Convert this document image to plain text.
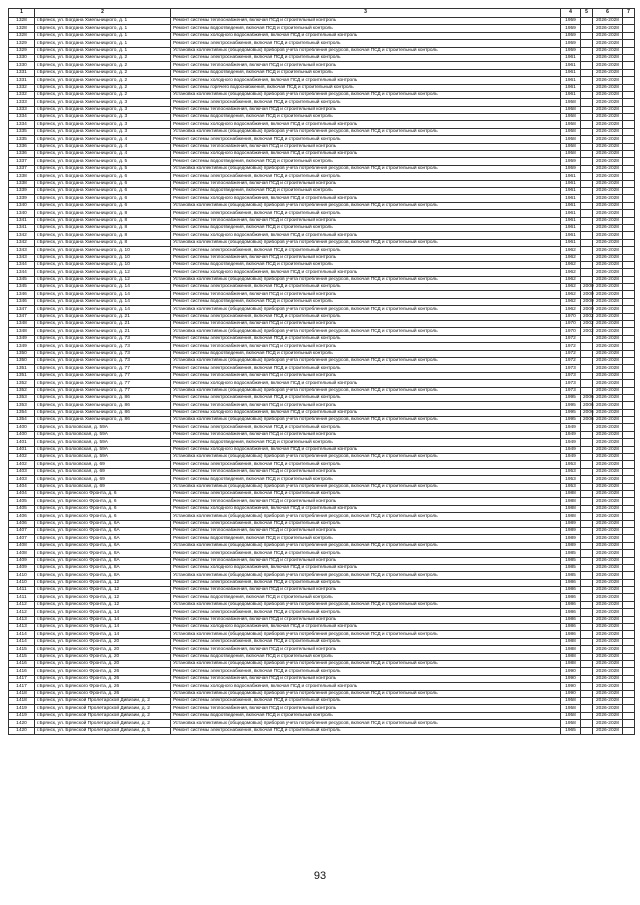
1	2	3	4	5	6	7
1328	г.Брянск, ул. Богдана Хмельницкого, д. 1	Ремонт системы теплоснабжения, включая ПСД и строительный контроль	1959		2026-2028	
1328	г.Брянск, ул. Богдана Хмельницкого, д. 1	Ремонт системы водоотведения, включая ПСД и строительный контроль	1959		2026-2028	
1328	г.Брянск, ул. Богдана Хмельницкого, д. 1	Ремонт системы холодного водоснабжения, включая ПСД и строительный контроль	1959		2026-2028	
1329	г.Брянск, ул. Богдана Хмельницкого, д. 1	Ремонт системы электроснабжения, включая ПСД и строительный контроль	1959		2026-2028	
1329	г.Брянск, ул. Богдана Хмельницкого, д. 1	Установка коллективных (общедомовых) приборов учета потребления ресурсов, включая ПСД и строительный контроль	1959		2026-2028	
1330	г.Брянск, ул. Богдана Хмельницкого, д. 2	Ремонт системы электроснабжения, включая ПСД и строительный контроль	1961		2026-2028	
1330	г.Брянск, ул. Богдана Хмельницкого, д. 2	Ремонт системы теплоснабжения, включая ПСД и строительный контроль	1961		2026-2028	
1331	г.Брянск, ул. Богдана Хмельницкого, д. 2	Ремонт системы водоотведения, включая ПСД и строительный контроль	1961		2026-2028	
1331	г.Брянск, ул. Богдана Хмельницкого, д. 2	Ремонт системы холодного водоснабжения, включая ПСД и строительный контроль	1961		2026-2028	
1332	г.Брянск, ул. Богдана Хмельницкого, д. 2	Ремонт системы горячего водоснабжения, включая ПСД и строительный контроль	1961		2026-2028	
1332	г.Брянск, ул. Богдана Хмельницкого, д. 2	Установка коллективных (общедомовых) приборов учета потребления ресурсов, включая ПСД и строительный контроль	1961		2026-2028	
1333	г.Брянск, ул. Богдана Хмельницкого, д. 3	Ремонт системы электроснабжения, включая ПСД и строительный контроль	1958		2026-2028	
1333	г.Брянск, ул. Богдана Хмельницкого, д. 3	Ремонт системы теплоснабжения, включая ПСД и строительный контроль	1958		2026-2028	
1334	г.Брянск, ул. Богдана Хмельницкого, д. 3	Ремонт системы водоотведения, включая ПСД и строительный контроль	1958		2026-2028	
1334	г.Брянск, ул. Богдана Хмельницкого, д. 3	Ремонт системы холодного водоснабжения, включая ПСД и строительный контроль	1958		2026-2028	
1335	г.Брянск, ул. Богдана Хмельницкого, д. 3	Установка коллективных (общедомовых) приборов учета потребления ресурсов, включая ПСД и строительный контроль	1958		2026-2028	
1335	г.Брянск, ул. Богдана Хмельницкого, д. 4	Ремонт системы электроснабжения, включая ПСД и строительный контроль	1958		2026-2028	
1336	г.Брянск, ул. Богдана Хмельницкого, д. 4	Ремонт системы теплоснабжения, включая ПСД и строительный контроль	1958		2026-2028	
1336	г.Брянск, ул. Богдана Хмельницкого, д. 4	Ремонт системы холодного водоснабжения, включая ПСД и строительный контроль	1958		2026-2028	
1337	г.Брянск, ул. Богдана Хмельницкого, д. 5	Ремонт системы водоотведения, включая ПСД и строительный контроль	1959		2026-2028	
1337	г.Брянск, ул. Богдана Хмельницкого, д. 5	Установка коллективных (общедомовых) приборов учета потребления ресурсов, включая ПСД и строительный контроль	1959		2026-2028	
1338	г.Брянск, ул. Богдана Хмельницкого, д. 6	Ремонт системы электроснабжения, включая ПСД и строительный контроль	1961		2026-2028	
1338	г.Брянск, ул. Богдана Хмельницкого, д. 6	Ремонт системы теплоснабжения, включая ПСД и строительный контроль	1961		2026-2028	
1339	г.Брянск, ул. Богдана Хмельницкого, д. 6	Ремонт системы водоотведения, включая ПСД и строительный контроль	1961		2026-2028	
1339	г.Брянск, ул. Богдана Хмельницкого, д. 6	Ремонт системы холодного водоснабжения, включая ПСД и строительный контроль	1961		2026-2028	
1340	г.Брянск, ул. Богдана Хмельницкого, д. 6	Установка коллективных (общедомовых) приборов учета потребления ресурсов, включая ПСД и строительный контроль	1961		2026-2028	
1340	г.Брянск, ул. Богдана Хмельницкого, д. 8	Ремонт системы электроснабжения, включая ПСД и строительный контроль	1961		2026-2028	
1341	г.Брянск, ул. Богдана Хмельницкого, д. 8	Ремонт системы теплоснабжения, включая ПСД и строительный контроль	1961		2026-2028	
1341	г.Брянск, ул. Богдана Хмельницкого, д. 8	Ремонт системы водоотведения, включая ПСД и строительный контроль	1961		2026-2028	
1342	г.Брянск, ул. Богдана Хмельницкого, д. 8	Ремонт системы холодного водоснабжения, включая ПСД и строительный контроль	1961		2026-2028	
1342	г.Брянск, ул. Богдана Хмельницкого, д. 8	Установка коллективных (общедомовых) приборов учета потребления ресурсов, включая ПСД и строительный контроль	1961		2026-2028	
1343	г.Брянск, ул. Богдана Хмельницкого, д. 10	Ремонт системы электроснабжения, включая ПСД и строительный контроль	1962		2026-2028	
1343	г.Брянск, ул. Богдана Хмельницкого, д. 10	Ремонт системы теплоснабжения, включая ПСД и строительный контроль	1962		2026-2028	
1344	г.Брянск, ул. Богдана Хмельницкого, д. 10	Ремонт системы водоотведения, включая ПСД и строительный контроль	1962		2026-2028	
1344	г.Брянск, ул. Богдана Хмельницкого, д. 12	Ремонт системы холодного водоснабжения, включая ПСД и строительный контроль	1962		2026-2028	
1345	г.Брянск, ул. Богдана Хмельницкого, д. 12	Установка коллективных (общедомовых) приборов учета потребления ресурсов, включая ПСД и строительный контроль	1962		2026-2028	
1345	г.Брянск, ул. Богдана Хмельницкого, д. 14	Ремонт системы электроснабжения, включая ПСД и строительный контроль	1962	2000	2026-2028	
1346	г.Брянск, ул. Богдана Хмельницкого, д. 14	Ремонт системы теплоснабжения, включая ПСД и строительный контроль	1962	2000	2026-2028	
1346	г.Брянск, ул. Богдана Хмельницкого, д. 14	Ремонт системы водоотведения, включая ПСД и строительный контроль	1962	2000	2026-2028	
1347	г.Брянск, ул. Богдана Хмельницкого, д. 14	Установка коллективных (общедомовых) приборов учета потребления ресурсов, включая ПСД и строительный контроль	1962	2000	2026-2028	
1347	г.Брянск, ул. Богдана Хмельницкого, д. 21	Ремонт системы электроснабжения, включая ПСД и строительный контроль	1970	2002	2026-2028	
1348	г.Брянск, ул. Богдана Хмельницкого, д. 21	Ремонт системы теплоснабжения, включая ПСД и строительный контроль	1970	2002	2026-2028	
1348	г.Брянск, ул. Богдана Хмельницкого, д. 21	Установка коллективных (общедомовых) приборов учета потребления ресурсов, включая ПСД и строительный контроль	1970	2002	2026-2028	
1349	г.Брянск, ул. Богдана Хмельницкого, д. 73	Ремонт системы электроснабжения, включая ПСД и строительный контроль	1972		2026-2028	
1349	г.Брянск, ул. Богдана Хмельницкого, д. 73	Ремонт системы теплоснабжения, включая ПСД и строительный контроль	1972		2026-2028	
1350	г.Брянск, ул. Богдана Хмельницкого, д. 73	Ремонт системы водоотведения, включая ПСД и строительный контроль	1972		2026-2028	
1350	г.Брянск, ул. Богдана Хмельницкого, д. 73	Установка коллективных (общедомовых) приборов учета потребления ресурсов, включая ПСД и строительный контроль	1972		2026-2028	
1351	г.Брянск, ул. Богдана Хмельницкого, д. 77	Ремонт системы электроснабжения, включая ПСД и строительный контроль	1973		2026-2028	
1351	г.Брянск, ул. Богдана Хмельницкого, д. 77	Ремонт системы теплоснабжения, включая ПСД и строительный контроль	1973		2026-2028	
1352	г.Брянск, ул. Богдана Хмельницкого, д. 77	Ремонт системы холодного водоснабжения, включая ПСД и строительный контроль	1973		2026-2028	
1352	г.Брянск, ул. Богдана Хмельницкого, д. 77	Установка коллективных (общедомовых) приборов учета потребления ресурсов, включая ПСД и строительный контроль	1973		2026-2028	
1353	г.Брянск, ул. Богдана Хмельницкого, д. 86	Ремонт системы электроснабжения, включая ПСД и строительный контроль	1995	2006	2026-2028	
1353	г.Брянск, ул. Богдана Хмельницкого, д. 86	Ремонт системы теплоснабжения, включая ПСД и строительный контроль	1995	2006	2026-2028	
1354	г.Брянск, ул. Богдана Хмельницкого, д. 86	Ремонт системы холодного водоснабжения, включая ПСД и строительный контроль	1995	2006	2026-2028	
1354	г.Брянск, ул. Богдана Хмельницкого, д. 86	Установка коллективных (общедомовых) приборов учета потребления ресурсов, включая ПСД и строительный контроль	1995	2006	2026-2028	
1400	г.Брянск, ул. Болховская, д. 59А	Ремонт системы электроснабжения, включая ПСД и строительный контроль	1949		2026-2028	
1400	г.Брянск, ул. Болховская, д. 59А	Ремонт системы теплоснабжения, включая ПСД и строительный контроль	1949		2026-2028	
1401	г.Брянск, ул. Болховская, д. 59А	Ремонт системы водоотведения, включая ПСД и строительный контроль	1949		2026-2028	
1401	г.Брянск, ул. Болховская, д. 59А	Ремонт системы холодного водоснабжения, включая ПСД и строительный контроль	1949		2026-2028	
1402	г.Брянск, ул. Болховская, д. 59А	Установка коллективных (общедомовых) приборов учета потребления ресурсов, включая ПСД и строительный контроль	1949		2026-2028	
1402	г.Брянск, ул. Болховская, д. 69	Ремонт системы электроснабжения, включая ПСД и строительный контроль	1953		2026-2028	
1403	г.Брянск, ул. Болховская, д. 69	Ремонт системы теплоснабжения, включая ПСД и строительный контроль	1953		2026-2028	
1403	г.Брянск, ул. Болховская, д. 69	Ремонт системы водоотведения, включая ПСД и строительный контроль	1953		2026-2028	
1404	г.Брянск, ул. Болховская, д. 69	Установка коллективных (общедомовых) приборов учета потребления ресурсов, включая ПСД и строительный контроль	1953		2026-2028	
1404	г.Брянск, ул. Брянского Фронта, д. 6	Ремонт системы электроснабжения, включая ПСД и строительный контроль	1988		2026-2028	
1405	г.Брянск, ул. Брянского Фронта, д. 6	Ремонт системы теплоснабжения, включая ПСД и строительный контроль	1988		2026-2028	
1405	г.Брянск, ул. Брянского Фронта, д. 6	Ремонт системы холодного водоснабжения, включая ПСД и строительный контроль	1988		2026-2028	
1406	г.Брянск, ул. Брянского Фронта, д. 6	Установка коллективных (общедомовых) приборов учета потребления ресурсов, включая ПСД и строительный контроль	1988		2026-2028	
1406	г.Брянск, ул. Брянского Фронта, д. 6А	Ремонт системы электроснабжения, включая ПСД и строительный контроль	1989		2026-2028	
1407	г.Брянск, ул. Брянского Фронта, д. 6А	Ремонт системы теплоснабжения, включая ПСД и строительный контроль	1989		2026-2028	
1407	г.Брянск, ул. Брянского Фронта, д. 6А	Ремонт системы водоотведения, включая ПСД и строительный контроль	1989		2026-2028	
1408	г.Брянск, ул. Брянского Фронта, д. 6А	Установка коллективных (общедомовых) приборов учета потребления ресурсов, включая ПСД и строительный контроль	1989		2026-2028	
1408	г.Брянск, ул. Брянского Фронта, д. 8А	Ремонт системы электроснабжения, включая ПСД и строительный контроль	1985		2026-2028	
1409	г.Брянск, ул. Брянского Фронта, д. 8А	Ремонт системы теплоснабжения, включая ПСД и строительный контроль	1985		2026-2028	
1409	г.Брянск, ул. Брянского Фронта, д. 8А	Ремонт системы холодного водоснабжения, включая ПСД и строительный контроль	1985		2026-2028	
1410	г.Брянск, ул. Брянского Фронта, д. 8А	Установка коллективных (общедомовых) приборов учета потребления ресурсов, включая ПСД и строительный контроль	1985		2026-2028	
1410	г.Брянск, ул. Брянского Фронта, д. 12	Ремонт системы электроснабжения, включая ПСД и строительный контроль	1986		2026-2028	
1411	г.Брянск, ул. Брянского Фронта, д. 12	Ремонт системы теплоснабжения, включая ПСД и строительный контроль	1986		2026-2028	
1411	г.Брянск, ул. Брянского Фронта, д. 12	Ремонт системы водоотведения, включая ПСД и строительный контроль	1986		2026-2028	
1412	г.Брянск, ул. Брянского Фронта, д. 12	Установка коллективных (общедомовых) приборов учета потребления ресурсов, включая ПСД и строительный контроль	1986		2026-2028	
1412	г.Брянск, ул. Брянского Фронта, д. 14	Ремонт системы электроснабжения, включая ПСД и строительный контроль	1986		2026-2028	
1413	г.Брянск, ул. Брянского Фронта, д. 14	Ремонт системы теплоснабжения, включая ПСД и строительный контроль	1986		2026-2028	
1413	г.Брянск, ул. Брянского Фронта, д. 14	Ремонт системы холодного водоснабжения, включая ПСД и строительный контроль	1986		2026-2028	
1414	г.Брянск, ул. Брянского Фронта, д. 14	Установка коллективных (общедомовых) приборов учета потребления ресурсов, включая ПСД и строительный контроль	1986		2026-2028	
1414	г.Брянск, ул. Брянского Фронта, д. 20	Ремонт системы электроснабжения, включая ПСД и строительный контроль	1988		2026-2028	
1415	г.Брянск, ул. Брянского Фронта, д. 20	Ремонт системы теплоснабжения, включая ПСД и строительный контроль	1988		2026-2028	
1415	г.Брянск, ул. Брянского Фронта, д. 20	Ремонт системы водоотведения, включая ПСД и строительный контроль	1988		2026-2028	
1416	г.Брянск, ул. Брянского Фронта, д. 20	Установка коллективных (общедомовых) приборов учета потребления ресурсов, включая ПСД и строительный контроль	1988		2026-2028	
1416	г.Брянск, ул. Брянского Фронта, д. 26	Ремонт системы электроснабжения, включая ПСД и строительный контроль	1990		2026-2028	
1417	г.Брянск, ул. Брянского Фронта, д. 26	Ремонт системы теплоснабжения, включая ПСД и строительный контроль	1990		2026-2028	
1417	г.Брянск, ул. Брянского Фронта, д. 26	Ремонт системы холодного водоснабжения, включая ПСД и строительный контроль	1990		2026-2028	
1418	г.Брянск, ул. Брянского Фронта, д. 26	Установка коллективных (общедомовых) приборов учета потребления ресурсов, включая ПСД и строительный контроль	1990		2026-2028	
1418	г.Брянск, ул. Брянской Пролетарской Дивизии, д. 2	Ремонт системы электроснабжения, включая ПСД и строительный контроль	1958		2026-2028	
1419	г.Брянск, ул. Брянской Пролетарской Дивизии, д. 2	Ремонт системы теплоснабжения, включая ПСД и строительный контроль	1958		2026-2028	
1419	г.Брянск, ул. Брянской Пролетарской Дивизии, д. 2	Ремонт системы водоотведения, включая ПСД и строительный контроль	1958		2026-2028	
1420	г.Брянск, ул. Брянской Пролетарской Дивизии, д. 2	Установка коллективных (общедомовых) приборов учета потребления ресурсов, включая ПСД и строительный контроль	1958		2026-2028	
1420	г.Брянск, ул. Брянской Пролетарской Дивизии, д. 5	Ремонт системы электроснабжения, включая ПСД и строительный контроль	1965		2026-2028	
93
